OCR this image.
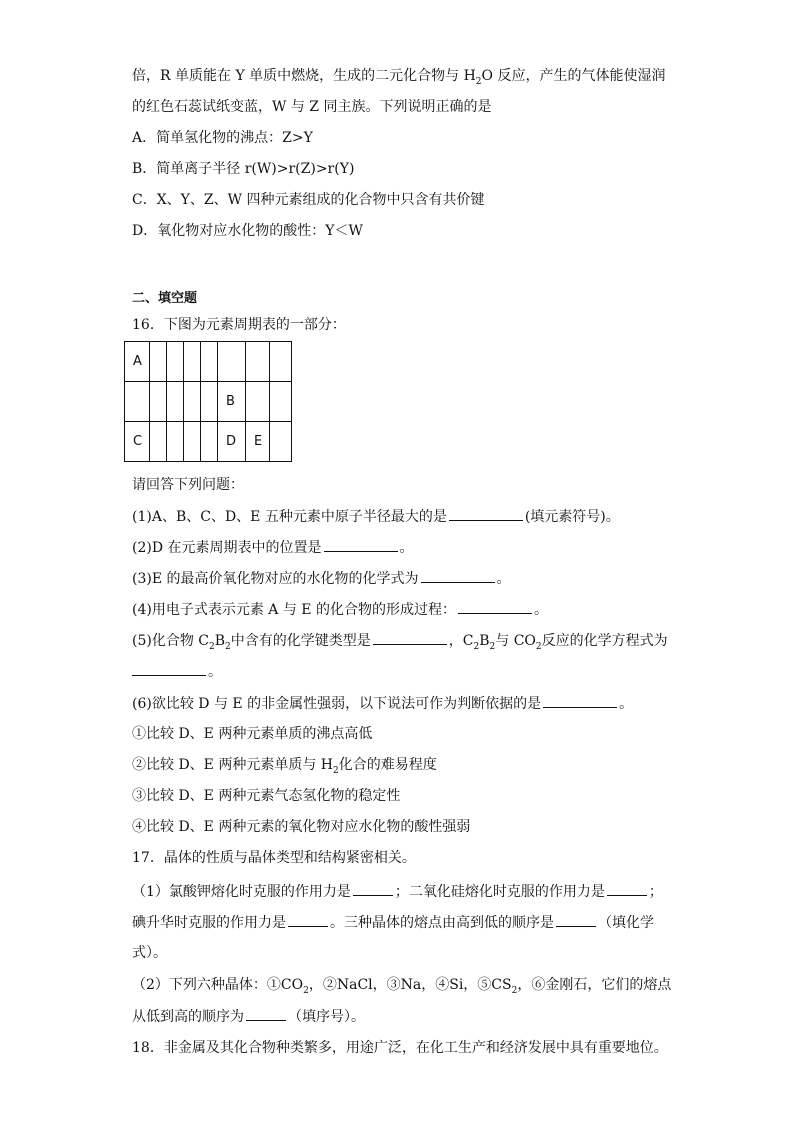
倍，R 单质能在 Y 单质中燃烧，生成的二元化合物与 $H_2O$ 反应，产生的气体能使湿润
的红色石蕊试纸变蓝，W 与 Z 同主族。下列说明正确的是
A．简单氢化物的沸点：Z>Y
B．简单离子半径 r(W)>r(Z)>r(Y)
C．X、Y、Z、W 四种元素组成的化合物中只含有共价键
D．氧化物对应水化物的酸性：Y＜W
二、填空题
16．下图为元素周期表的一部分：
A							
					B		
C					D	E	
请回答下列问题：
(1)A、B、C、D、E 五种元素中原子半径最大的是	(填元素符号)。
(2)D 在元素周期表中的位置是	。
(3)E 的最高价氧化物对应的水化物的化学式为	。
(4)用电子式表示元素 A 与 E 的化合物的形成过程：	。
(5)化合物 $C_2B_2$中含有的化学键类型是	，$C_2B_2$与 $CO_2$反应的化学方程式为
。
(6)欲比较 D 与 E 的非金属性强弱，以下说法可作为判断依据的是	。
①比较 D、E 两种元素单质的沸点高低
②比较 D、E 两种元素单质与 $H_2$化合的难易程度
③比较 D、E 两种元素气态氢化物的稳定性
④比较 D、E 两种元素的氧化物对应水化物的酸性强弱
17．晶体的性质与晶体类型和结构紧密相关。
（1）氯酸钾熔化时克服的作用力是	；二氧化硅熔化时克服的作用力是	；
碘升华时克服的作用力是	。三种晶体的熔点由高到低的顺序是	（填化学
式）。
（2）下列六种晶体：$①CO_2$，②NaCl，③Na，④Si，$⑤CS_2$，⑥金刚石，它们的熔点
从低到高的顺序为	（填序号）。
18．非金属及其化合物种类繁多，用途广泛，在化工生产和经济发展中具有重要地位。
